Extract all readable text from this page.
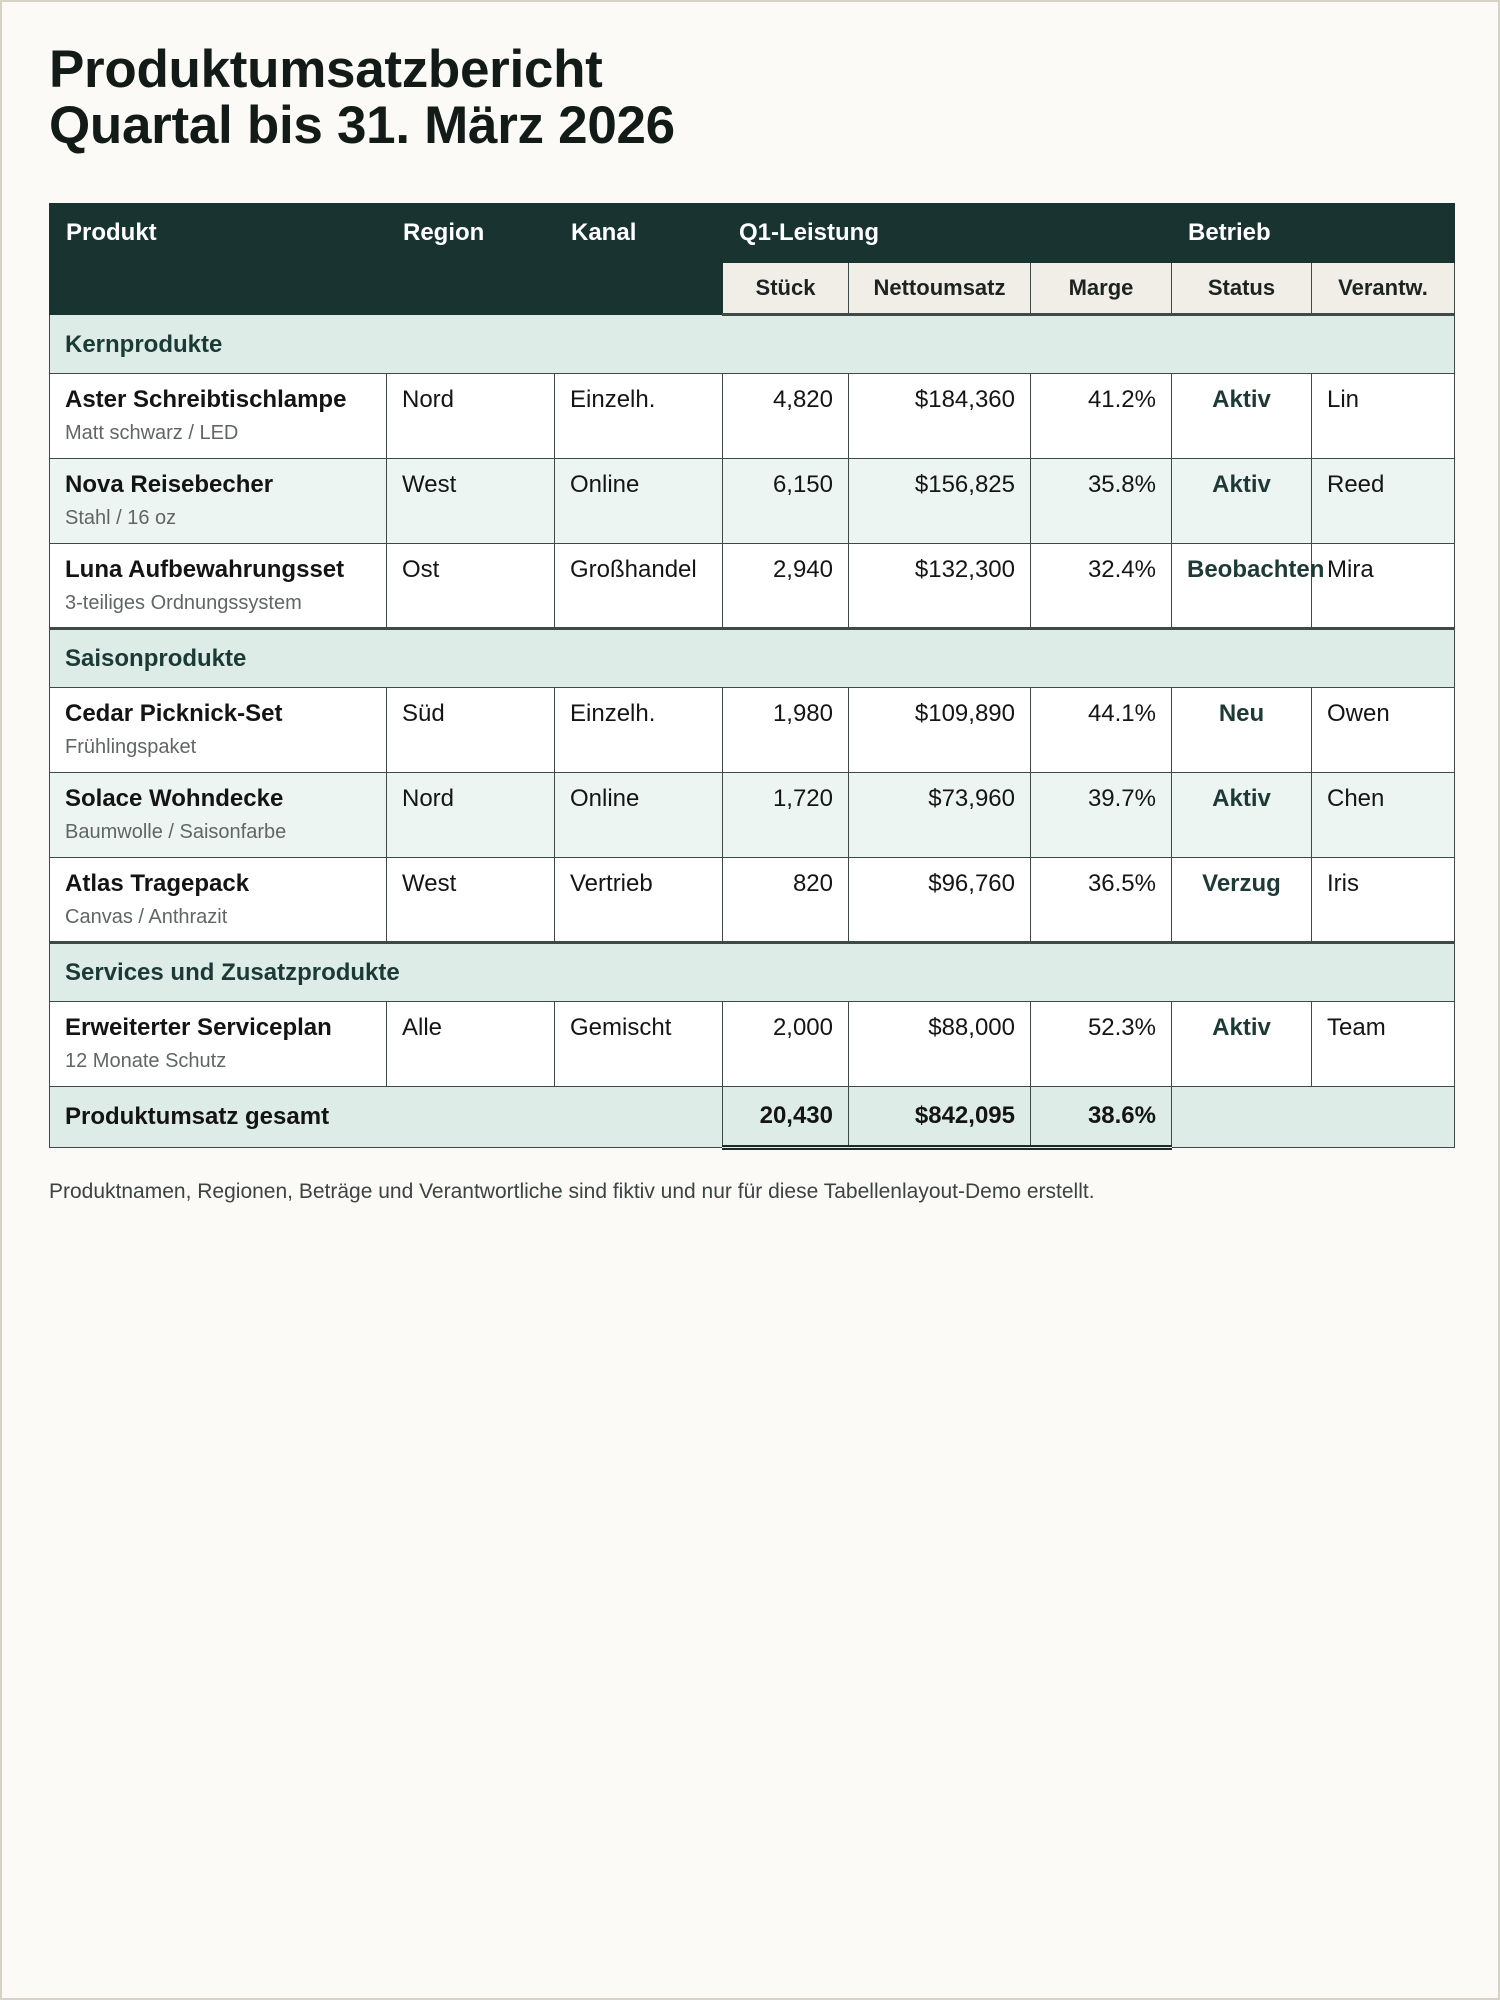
Produktumsatzbericht
Quartal bis 31. März 2026
Produkt	Region	Kanal	Q1-Leistung			Betrieb	
			Stück	Nettoumsatz	Marge	Status	Verantw.
Kernprodukte							

Aster Schreibtischlampe
Matt schwarz / LED	Nord	Einzelh.	4,820	$184,360	41.2%	Aktiv	Lin

Nova Reisebecher
Stahl / 16 oz	West	Online	6,150	$156,825	35.8%	Aktiv	Reed

Luna Aufbewahrungsset
3-teiliges Ordnungssystem	Ost	Großhandel	2,940	$132,300	32.4%	Beobachten	Mira
Saisonprodukte							

Cedar Picknick-Set
Frühlingspaket	Süd	Einzelh.	1,980	$109,890	44.1%	Neu	Owen

Solace Wohndecke
Baumwolle / Saisonfarbe	Nord	Online	1,720	$73,960	39.7%	Aktiv	Chen

Atlas Tragepack
Canvas / Anthrazit	West	Vertrieb	820	$96,760	36.5%	Verzug	Iris
Services und Zusatzprodukte							

Erweiterter Serviceplan
12 Monate Schutz	Alle	Gemischt	2,000	$88,000	52.3%	Aktiv	Team
Produktumsatz gesamt			20,430	$842,095	38.6%		
Produktnamen, Regionen, Beträge und Verantwortliche sind fiktiv und nur für diese Tabellenlayout-Demo erstellt.
